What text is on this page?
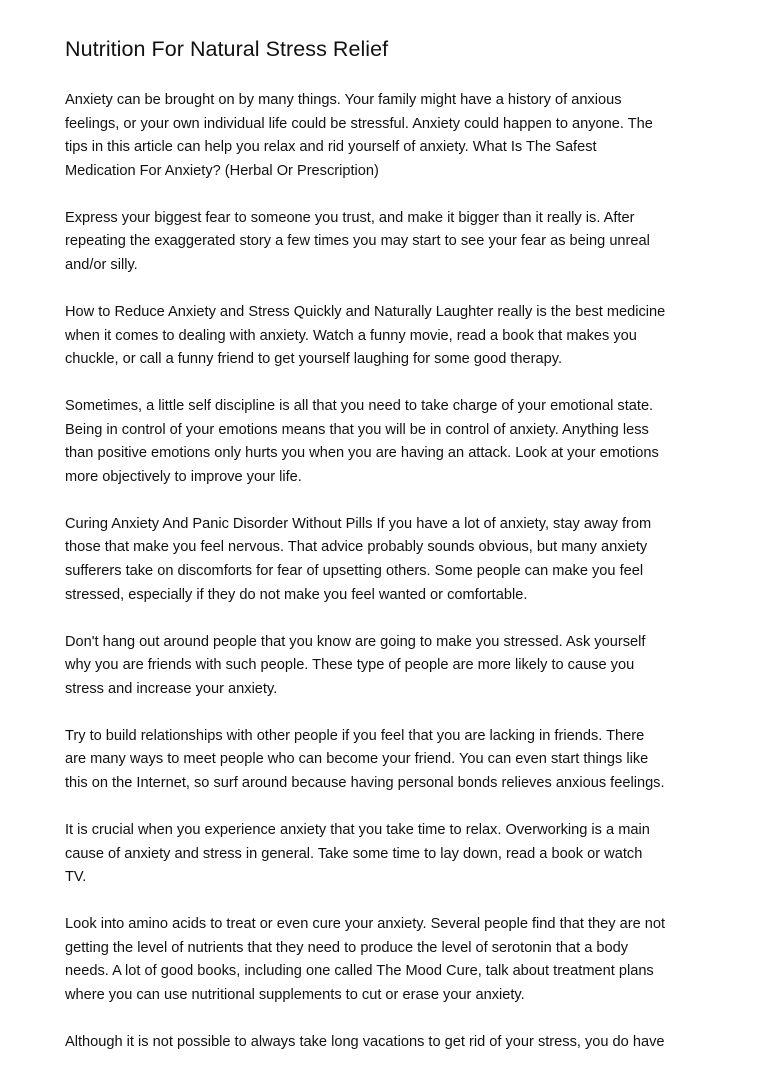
Nutrition For Natural Stress Relief

Anxiety can be brought on by many things. Your family might have a history of anxious
feelings, or your own individual life could be stressful. Anxiety could happen to anyone. The
tips in this article can help you relax and rid yourself of anxiety. What Is The Safest
Medication For Anxiety? (Herbal Or Prescription)

Express your biggest fear to someone you trust, and make it bigger than it really is. After
repeating the exaggerated story a few times you may start to see your fear as being unreal
and/or silly.

How to Reduce Anxiety and Stress Quickly and Naturally Laughter really is the best medicine
when it comes to dealing with anxiety. Watch a funny movie, read a book that makes you
chuckle, or call a funny friend to get yourself laughing for some good therapy.

Sometimes, a little self discipline is all that you need to take charge of your emotional state.
Being in control of your emotions means that you will be in control of anxiety. Anything less
than positive emotions only hurts you when you are having an attack. Look at your emotions
more objectively to improve your life.

Curing Anxiety And Panic Disorder Without Pills If you have a lot of anxiety, stay away from
those that make you feel nervous. That advice probably sounds obvious, but many anxiety
sufferers take on discomforts for fear of upsetting others. Some people can make you feel
stressed, especially if they do not make you feel wanted or comfortable.

Don't hang out around people that you know are going to make you stressed. Ask yourself
why you are friends with such people. These type of people are more likely to cause you
stress and increase your anxiety.

Try to build relationships with other people if you feel that you are lacking in friends. There
are many ways to meet people who can become your friend. You can even start things like
this on the Internet, so surf around because having personal bonds relieves anxious feelings.

It is crucial when you experience anxiety that you take time to relax. Overworking is a main
cause of anxiety and stress in general. Take some time to lay down, read a book or watch
TV.

Look into amino acids to treat or even cure your anxiety. Several people find that they are not
getting the level of nutrients that they need to produce the level of serotonin that a body
needs. A lot of good books, including one called The Mood Cure, talk about treatment plans
where you can use nutritional supplements to cut or erase your anxiety.

Although it is not possible to always take long vacations to get rid of your stress, you do have
